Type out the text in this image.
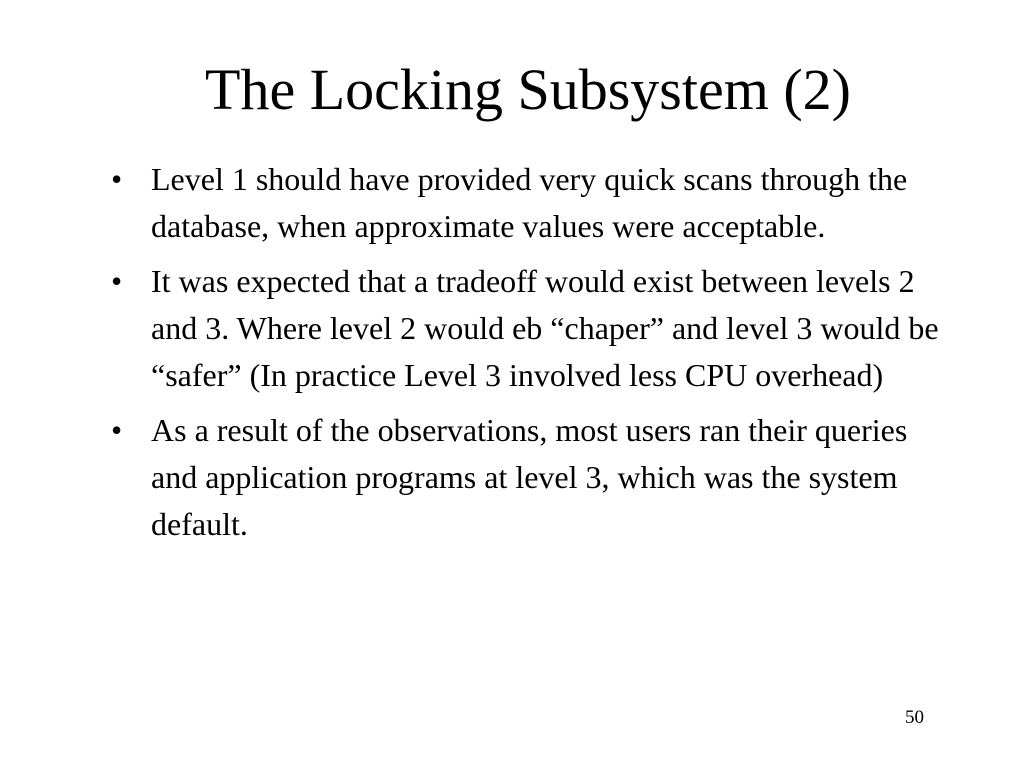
The Locking Subsystem (2)
• Level 1 should have provided very quick scans through the database, when approximate values were acceptable.
• It was expected that a tradeoff would exist between levels 2 and 3. Where level 2 would eb “chaper” and level 3 would be “safer” (In practice Level 3 involved less CPU overhead)
• As a result of the observations, most users ran their queries and application programs at level 3, which was the system default.
50
